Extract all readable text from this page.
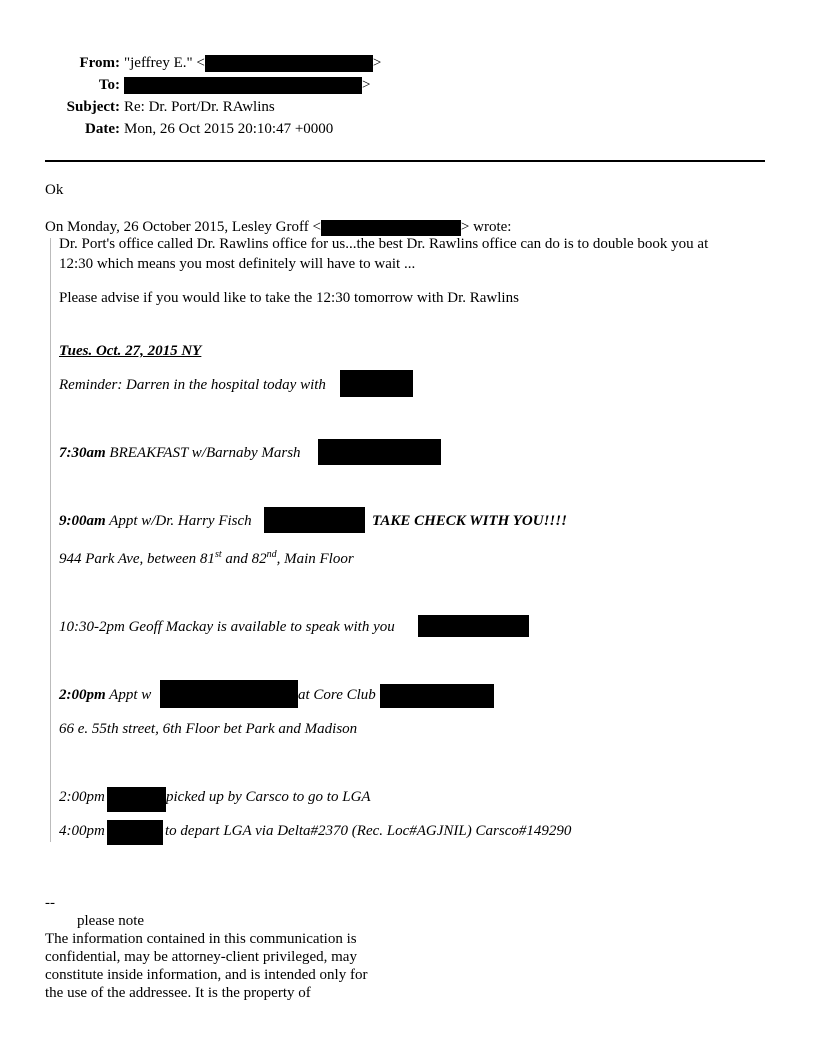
From: "jeffrey E." <	>
To:	>
Subject: Re: Dr. Port/Dr. RAwlins
Date: Mon, 26 Oct 2015 20:10:47 +0000
Ok
On Monday, 26 October 2015, Lesley Groff <	> wrote:
Dr. Port's office called Dr. Rawlins office for us...the best Dr. Rawlins office can do is to double book you at
12:30 which means you most definitely will have to wait ...
Please advise if you would like to take the 12:30 tomorrow with Dr. Rawlins
Tues. Oct. 27, 2015 NY
Reminder: Darren in the hospital today with
7:30am BREAKFAST w/Barnaby Marsh
9:00am Appt w/Dr. Harry Fisch	TAKE CHECK WITH YOU!!!!
944 Park Ave, between 81st and 82nd, Main Floor
10:30-2pm Geoff Mackay is available to speak with you
2:00pm Appt w	at Core Club
66 e. 55th street, 6th Floor bet Park and Madison
2:00pm	picked up by Carsco to go to LGA
4:00pm	to depart LGA via Delta#2370 (Rec. Loc#AGJNIL) Carsco#149290
--
please note
The information contained in this communication is
confidential, may be attorney-client privileged, may
constitute inside information, and is intended only for
the use of the addressee. It is the property of
